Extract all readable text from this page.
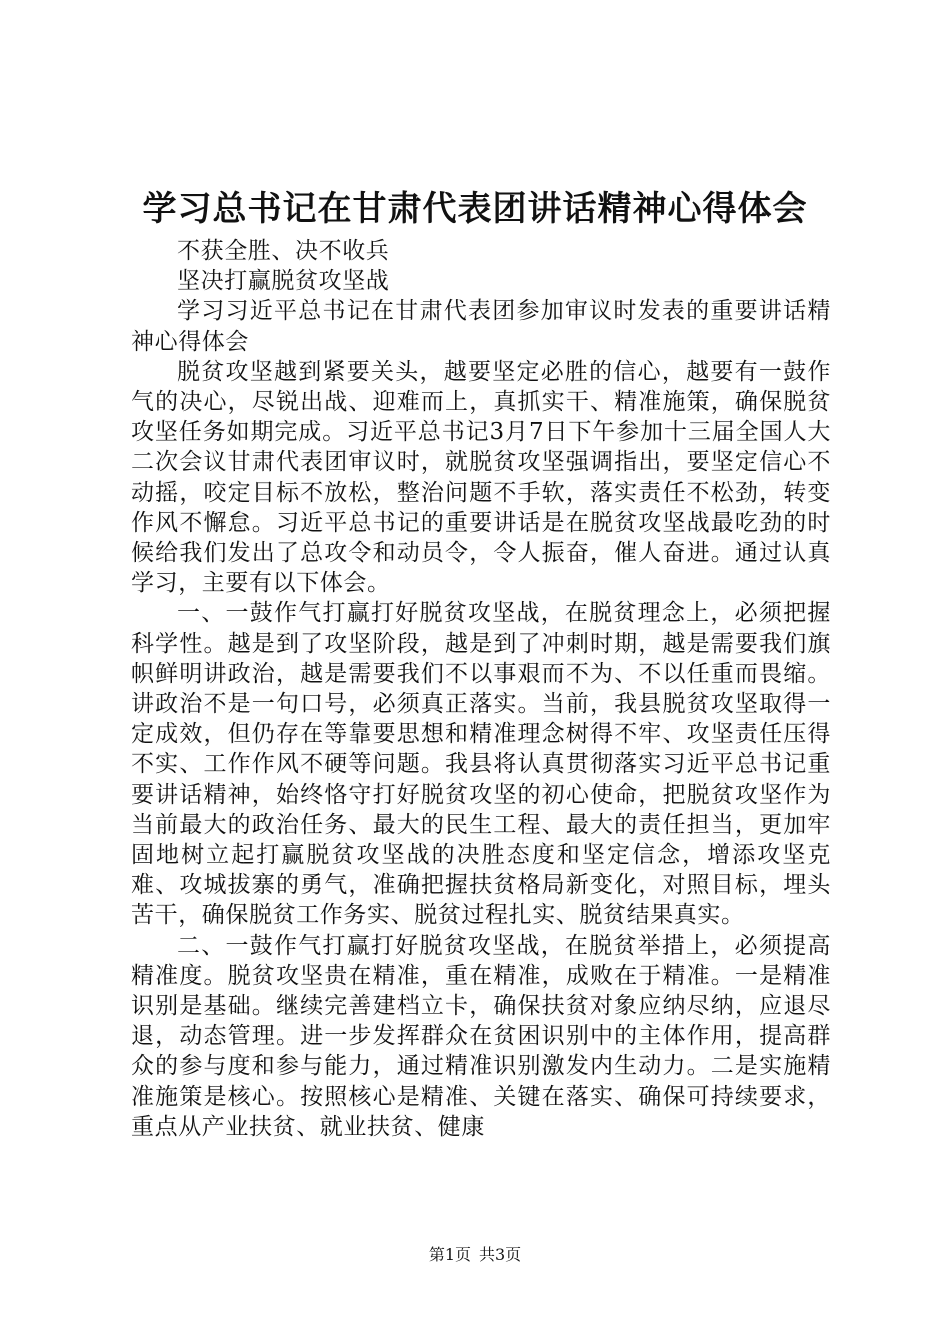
学习总书记在甘肃代表团讲话精神心得体会

不获全胜、决不收兵

坚决打赢脱贫攻坚战

学习习近平总书记在甘肃代表团参加审议时发表的重要讲话精神心得体会

脱贫攻坚越到紧要关头，越要坚定必胜的信心，越要有一鼓作气的决心，尽锐出战、迎难而上，真抓实干、精准施策，确保脱贫攻坚任务如期完成。习近平总书记3月7日下午参加十三届全国人大二次会议甘肃代表团审议时，就脱贫攻坚强调指出，要坚定信心不动摇，咬定目标不放松，整治问题不手软，落实责任不松劲，转变作风不懈怠。习近平总书记的重要讲话是在脱贫攻坚战最吃劲的时候给我们发出了总攻令和动员令，令人振奋，催人奋进。通过认真学习，主要有以下体会。

一、一鼓作气打赢打好脱贫攻坚战，在脱贫理念上，必须把握科学性。越是到了攻坚阶段，越是到了冲刺时期，越是需要我们旗帜鲜明讲政治，越是需要我们不以事艰而不为、不以任重而畏缩。讲政治不是一句口号，必须真正落实。当前，我县脱贫攻坚取得一定成效，但仍存在等靠要思想和精准理念树得不牢、攻坚责任压得不实、工作作风不硬等问题。我县将认真贯彻落实习近平总书记重要讲话精神，始终恪守打好脱贫攻坚的初心使命，把脱贫攻坚作为当前最大的政治任务、最大的民生工程、最大的责任担当，更加牢固地树立起打赢脱贫攻坚战的决胜态度和坚定信念，增添攻坚克难、攻城拔寨的勇气，准确把握扶贫格局新变化，对照目标，埋头苦干，确保脱贫工作务实、脱贫过程扎实、脱贫结果真实。

二、一鼓作气打赢打好脱贫攻坚战，在脱贫举措上，必须提高精准度。脱贫攻坚贵在精准，重在精准，成败在于精准。一是精准识别是基础。继续完善建档立卡，确保扶贫对象应纳尽纳，应退尽退，动态管理。进一步发挥群众在贫困识别中的主体作用，提高群众的参与度和参与能力，通过精准识别激发内生动力。二是实施精准施策是核心。按照核心是精准、关键在落实、确保可持续要求，重点从产业扶贫、就业扶贫、健康

第1页 共3页
